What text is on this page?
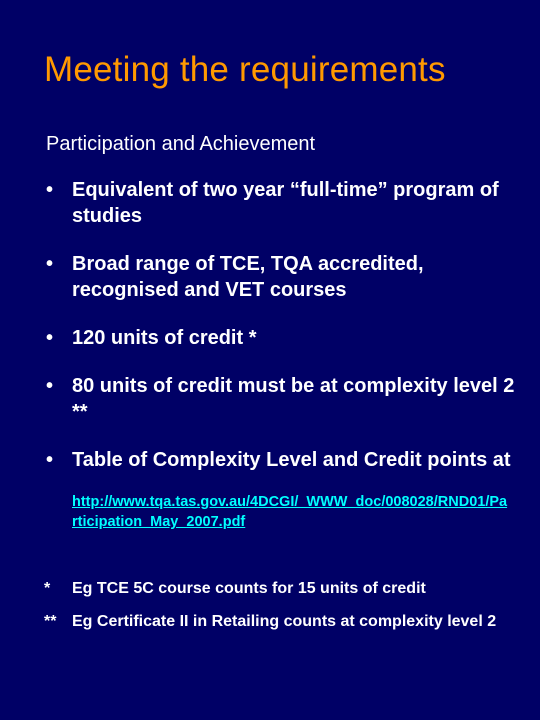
Meeting the requirements
Participation and Achievement
• Equivalent of two year “full-time” program of studies
• Broad range of TCE, TQA accredited, recognised and VET courses
• 120 units of credit *
• 80 units of credit must be at complexity level 2 **
• Table of Complexity Level and Credit points at
http://www.tqa.tas.gov.au/4DCGI/_WWW_doc/008028/RND01/Participation_May_2007.pdf
*	Eg TCE 5C course counts for 15 units of credit
** Eg Certificate II in Retailing counts at complexity level 2
